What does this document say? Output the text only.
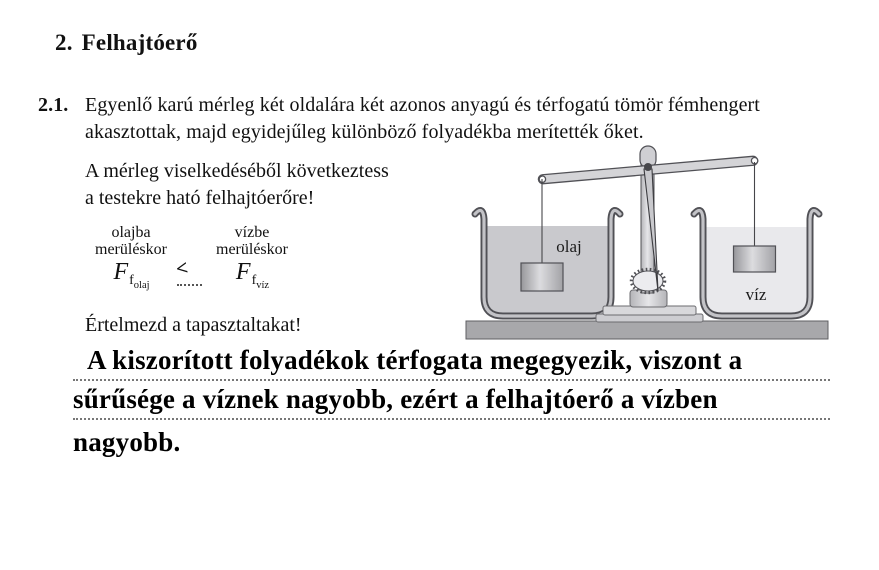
2. Felhajtóerő
2.1. Egyenlő karú mérleg két oldalára két azonos anyagú és térfogatú tömör fémhengert
akasztottak, majd egyidejűleg különböző folyadékba merítették őket.
A mérleg viselkedéséből következtess
a testekre ható felhajtóerőre!
olajba
merüléskor
vízbe
merüléskor
$F_{folaj}$
<	$F_{fvíz}$
Értelmezd a tapasztaltakat!
A kiszorított folyadékok térfogata megegyezik, viszont a
sűrűsége a víznek nagyobb, ezért a felhajtóerő a vízben
nagyobb.
olaj
víz
